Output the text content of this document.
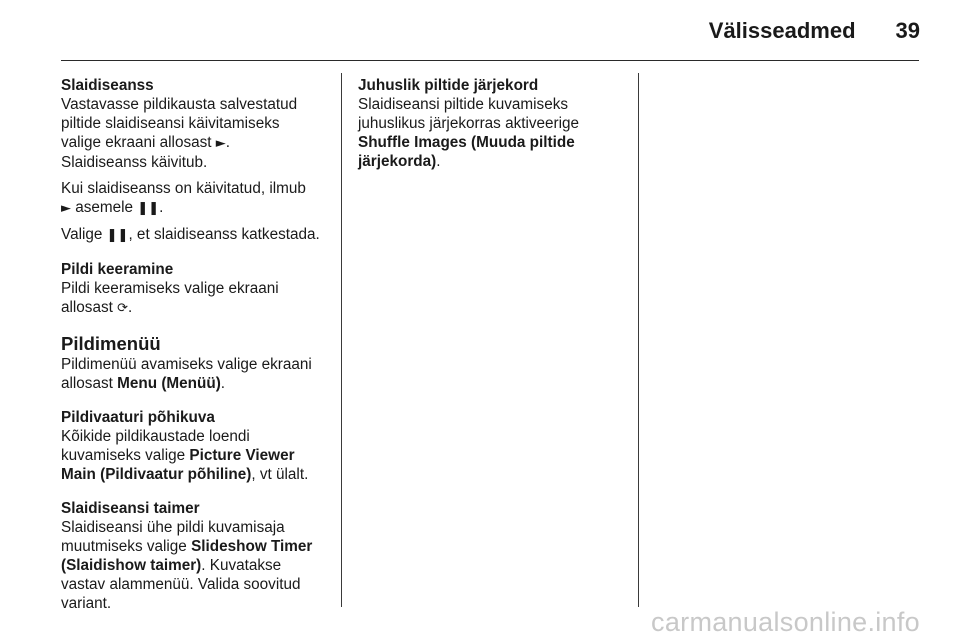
Välisseadmed 39

Slaidiseanss

Vastavasse pildikausta salvestatud

piltide slaidiseansi käivitamiseks

valige ekraani allosast ►.

Slaidiseanss käivitub.

Kui slaidiseanss on käivitatud, ilmub

► asemele ❚❚.

Valige ❚❚, et slaidiseanss katkestada.

Pildi keeramine

Pildi keeramiseks valige ekraani

allosast ⟳.

Pildimenüü

Pildimenüü avamiseks valige ekraani

allosast Menu (Menüü).

Pildivaaturi põhikuva

Kõikide pildikaustade loendi

kuvamiseks valige Picture Viewer

Main (Pildivaatur põhiline), vt ülalt.

Slaidiseansi taimer

Slaidiseansi ühe pildi kuvamisaja

muutmiseks valige Slideshow Timer

(Slaidishow taimer). Kuvatakse

vastav alammenüü. Valida soovitud

variant.

Juhuslik piltide järjekord

Slaidiseansi piltide kuvamiseks

juhuslikus järjekorras aktiveerige

Shuffle Images (Muuda piltide

järjekorda).

carmanualsonline.info
